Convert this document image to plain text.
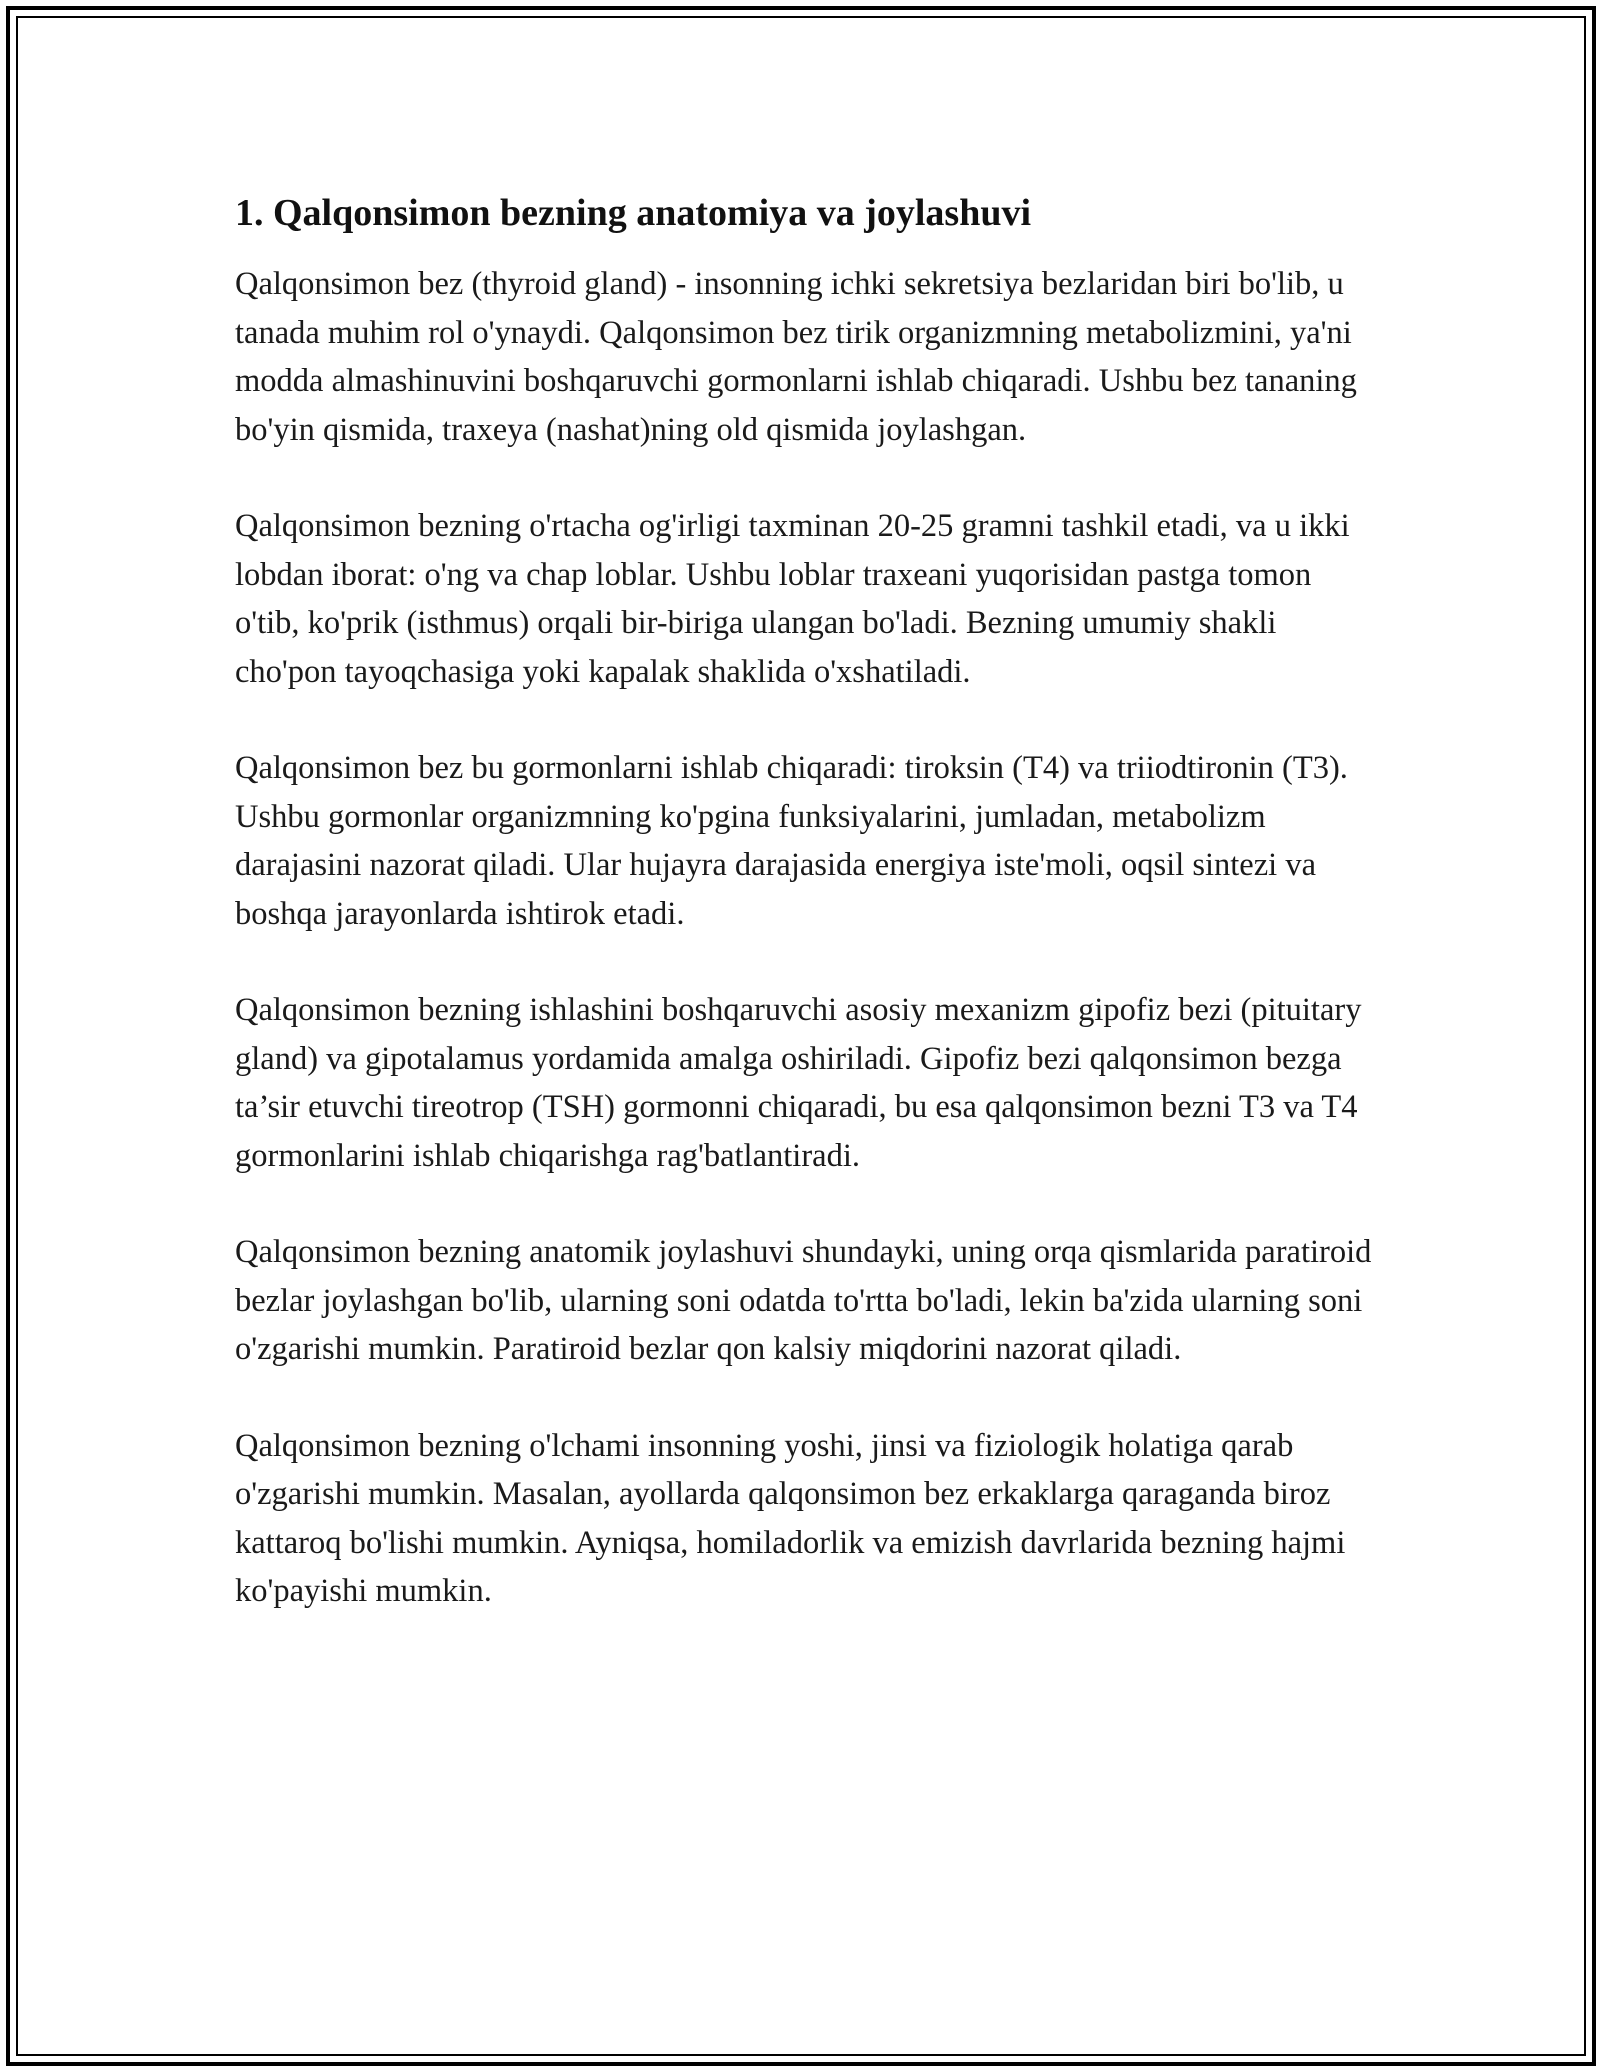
1. Qalqonsimon bezning anatomiya va joylashuvi

Qalqonsimon bez (thyroid gland) - insonning ichki sekretsiya bezlaridan biri bo'lib, u tanada muhim rol o'ynaydi. Qalqonsimon bez tirik organizmning metabolizmini, ya'ni modda almashinuvini boshqaruvchi gormonlarni ishlab chiqaradi. Ushbu bez tananing bo'yin qismida, traxeya (nashat)ning old qismida joylashgan.

Qalqonsimon bezning o'rtacha og'irligi taxminan 20-25 gramni tashkil etadi, va u ikki lobdan iborat: o'ng va chap loblar. Ushbu loblar traxeani yuqorisidan pastga tomon o'tib, ko'prik (isthmus) orqali bir-biriga ulangan bo'ladi. Bezning umumiy shakli cho'pon tayoqchasiga yoki kapalak shaklida o'xshatiladi.

Qalqonsimon bez bu gormonlarni ishlab chiqaradi: tiroksin (T4) va triiodtironin (T3). Ushbu gormonlar organizmning ko'pgina funksiyalarini, jumladan, metabolizm darajasini nazorat qiladi. Ular hujayra darajasida energiya iste'moli, oqsil sintezi va boshqa jarayonlarda ishtirok etadi.

Qalqonsimon bezning ishlashini boshqaruvchi asosiy mexanizm gipofiz bezi (pituitary gland) va gipotalamus yordamida amalga oshiriladi. Gipofiz bezi qalqonsimon bezga ta’sir etuvchi tireotrop (TSH) gormonni chiqaradi, bu esa qalqonsimon bezni T3 va T4 gormonlarini ishlab chiqarishga rag'batlantiradi.

Qalqonsimon bezning anatomik joylashuvi shundayki, uning orqa qismlarida paratiroid bezlar joylashgan bo'lib, ularning soni odatda to'rtta bo'ladi, lekin ba'zida ularning soni o'zgarishi mumkin. Paratiroid bezlar qon kalsiy miqdorini nazorat qiladi.

Qalqonsimon bezning o'lchami insonning yoshi, jinsi va fiziologik holatiga qarab o'zgarishi mumkin. Masalan, ayollarda qalqonsimon bez erkaklarga qaraganda biroz kattaroq bo'lishi mumkin. Ayniqsa, homiladorlik va emizish davrlarida bezning hajmi ko'payishi mumkin.
